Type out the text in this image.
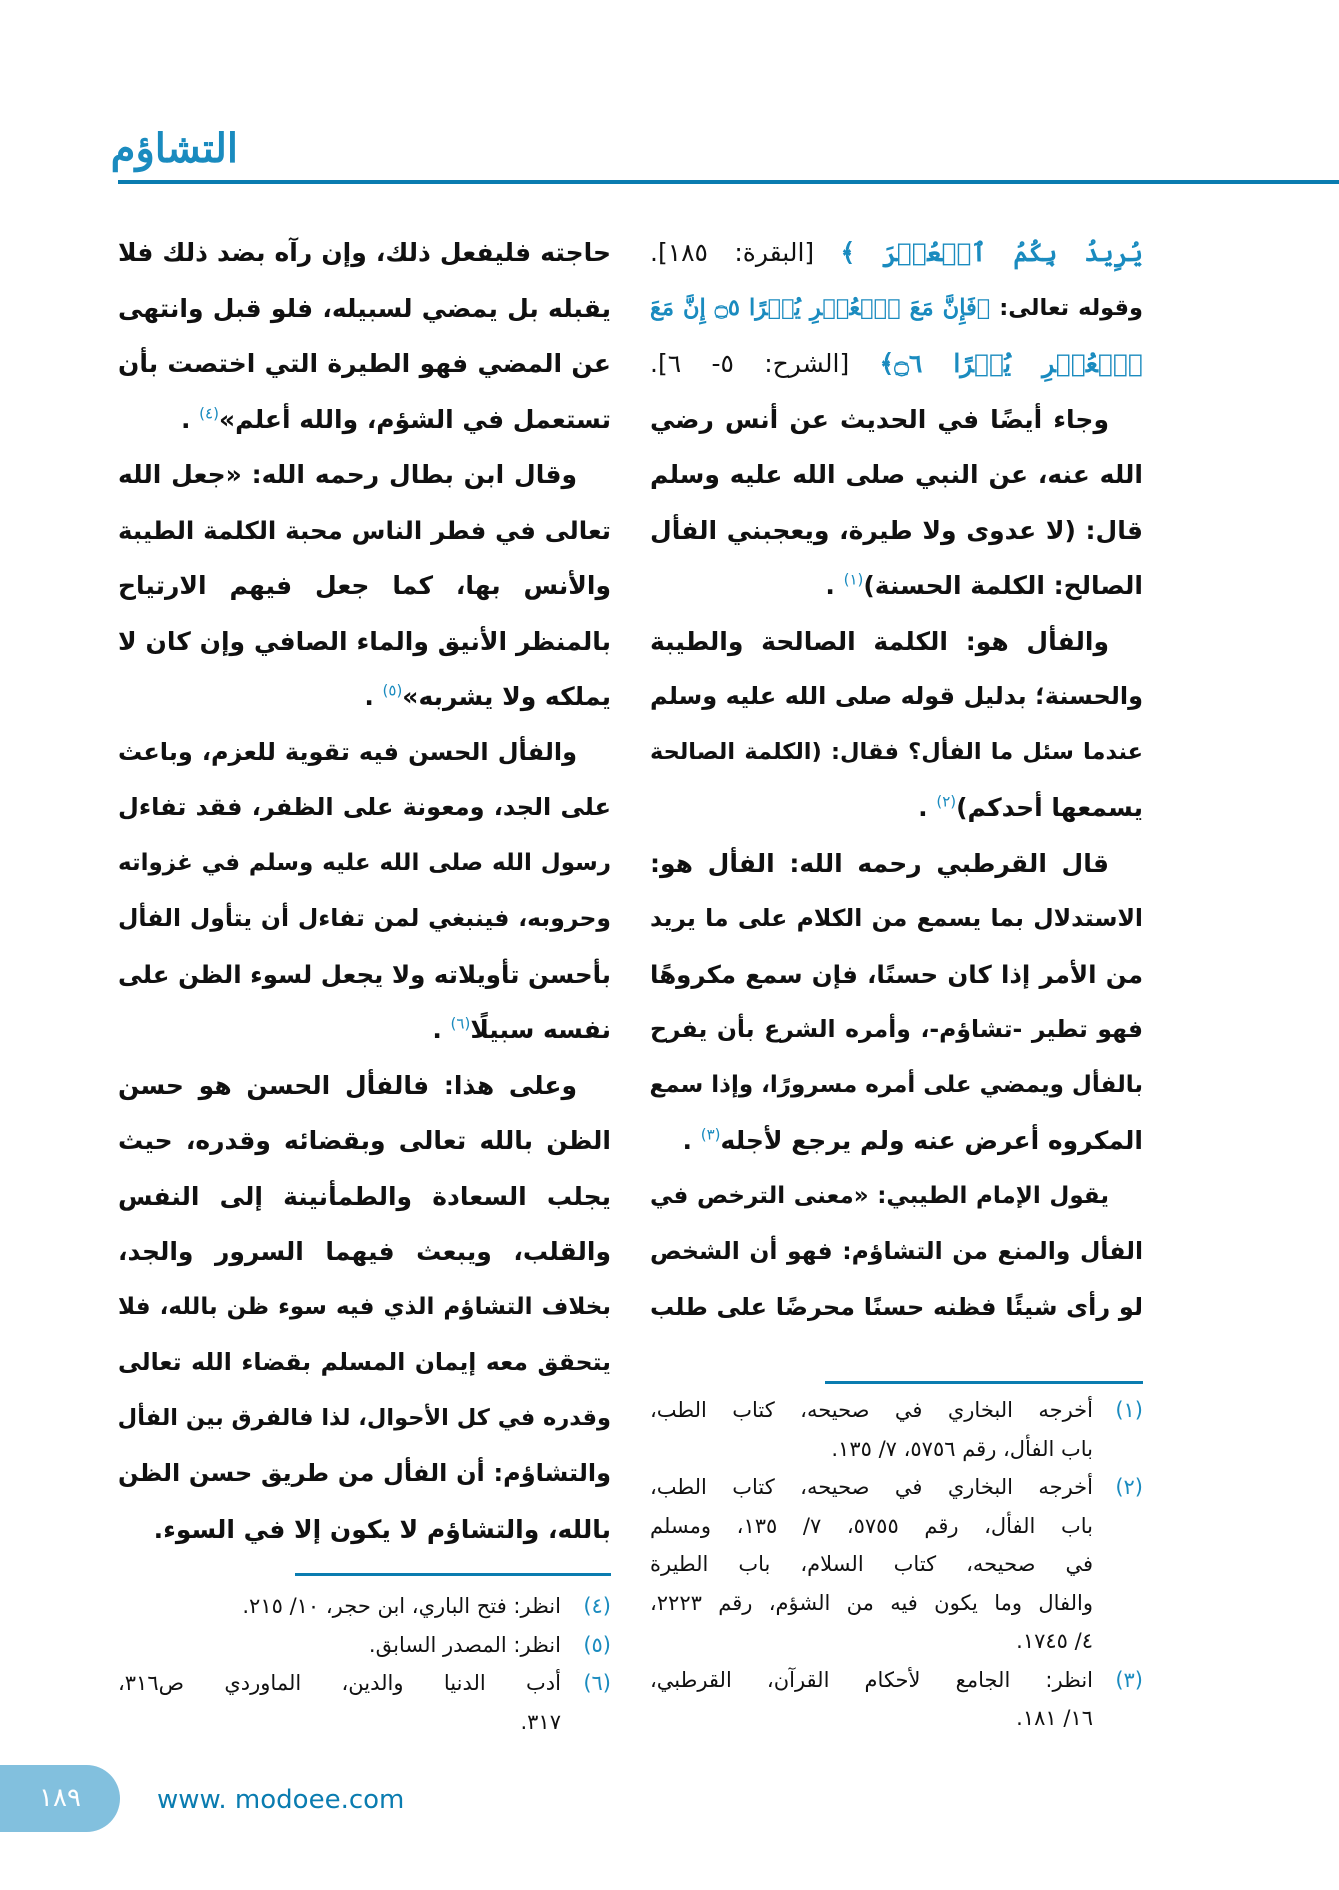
التشاؤم
يُرِيدُ بِكُمُ ٱلۡعُسۡرَ ﴾ [البقرة: ١٨٥].
وقوله تعالى: ﴿فَإِنَّ مَعَ ٱلۡعُسۡرِ يُسۡرًا ۝٥ إِنَّ مَعَ
ٱلۡعُسۡرِ يُسۡرًا ۝٦﴾ [الشرح: ٥- ٦].
وجاء أيضًا في الحديث عن أنس رضي
الله عنه، عن النبي صلى الله عليه وسلم
قال: (لا عدوى ولا طيرة، ويعجبني الفأل
الصالح: الكلمة الحسنة)$^{(١)}$ .
والفأل هو: الكلمة الصالحة والطيبة
والحسنة؛ بدليل قوله صلى الله عليه وسلم
عندما سئل ما الفأل؟ فقال: (الكلمة الصالحة
يسمعها أحدكم)$^{(٢)}$ .
قال القرطبي رحمه الله: الفأل هو:
الاستدلال بما يسمع من الكلام على ما يريد
من الأمر إذا كان حسنًا، فإن سمع مكروهًا
فهو تطير -تشاؤم-، وأمره الشرع بأن يفرح
بالفأل ويمضي على أمره مسرورًا، وإذا سمع
المكروه أعرض عنه ولم يرجع لأجله$^{(٣)}$ .
يقول الإمام الطيبي: «معنى الترخص في
الفأل والمنع من التشاؤم: فهو أن الشخص
لو رأى شيئًا فظنه حسنًا محرضًا على طلب
حاجته فليفعل ذلك، وإن رآه بضد ذلك فلا
يقبله بل يمضي لسبيله، فلو قبل وانتهى
عن المضي فهو الطيرة التي اختصت بأن
تستعمل في الشؤم، والله أعلم»$^{(٤)}$ .
وقال ابن بطال رحمه الله: «جعل الله
تعالى في فطر الناس محبة الكلمة الطيبة
والأنس بها، كما جعل فيهم الارتياح
بالمنظر الأنيق والماء الصافي وإن كان لا
يملكه ولا يشربه»$^{(٥)}$ .
والفأل الحسن فيه تقوية للعزم، وباعث
على الجد، ومعونة على الظفر، فقد تفاءل
رسول الله صلى الله عليه وسلم في غزواته
وحروبه، فينبغي لمن تفاءل أن يتأول الفأل
بأحسن تأويلاته ولا يجعل لسوء الظن على
نفسه سبيلًا$^{(٦)}$ .
وعلى هذا: فالفأل الحسن هو حسن
الظن بالله تعالى وبقضائه وقدره، حيث
يجلب السعادة والطمأنينة إلى النفس
والقلب، ويبعث فيهما السرور والجد،
بخلاف التشاؤم الذي فيه سوء ظن بالله، فلا
يتحقق معه إيمان المسلم بقضاء الله تعالى
وقدره في كل الأحوال، لذا فالفرق بين الفأل
والتشاؤم: أن الفأل من طريق حسن الظن
بالله، والتشاؤم لا يكون إلا في السوء.
(١)
أخرجه البخاري في صحيحه، كتاب الطب،
باب الفأل، رقم ٥٧٥٦، ٧/ ١٣٥.
(٢)
أخرجه البخاري في صحيحه، كتاب الطب،
باب الفأل، رقم ٥٧٥٥، ٧/ ١٣٥، ومسلم
في صحيحه، كتاب السلام، باب الطيرة
والفال وما يكون فيه من الشؤم، رقم ٢٢٢٣،
٤/ ١٧٤٥.
(٣)
انظر: الجامع لأحكام القرآن، القرطبي،
١٦/ ١٨١.
(٤)
انظر: فتح الباري، ابن حجر، ١٠/ ٢١٥.
(٥)
انظر: المصدر السابق.
(٦)
أدب الدنيا والدين، الماوردي ص٣١٦،
٣١٧.
١٨٩	www. modoee.com
